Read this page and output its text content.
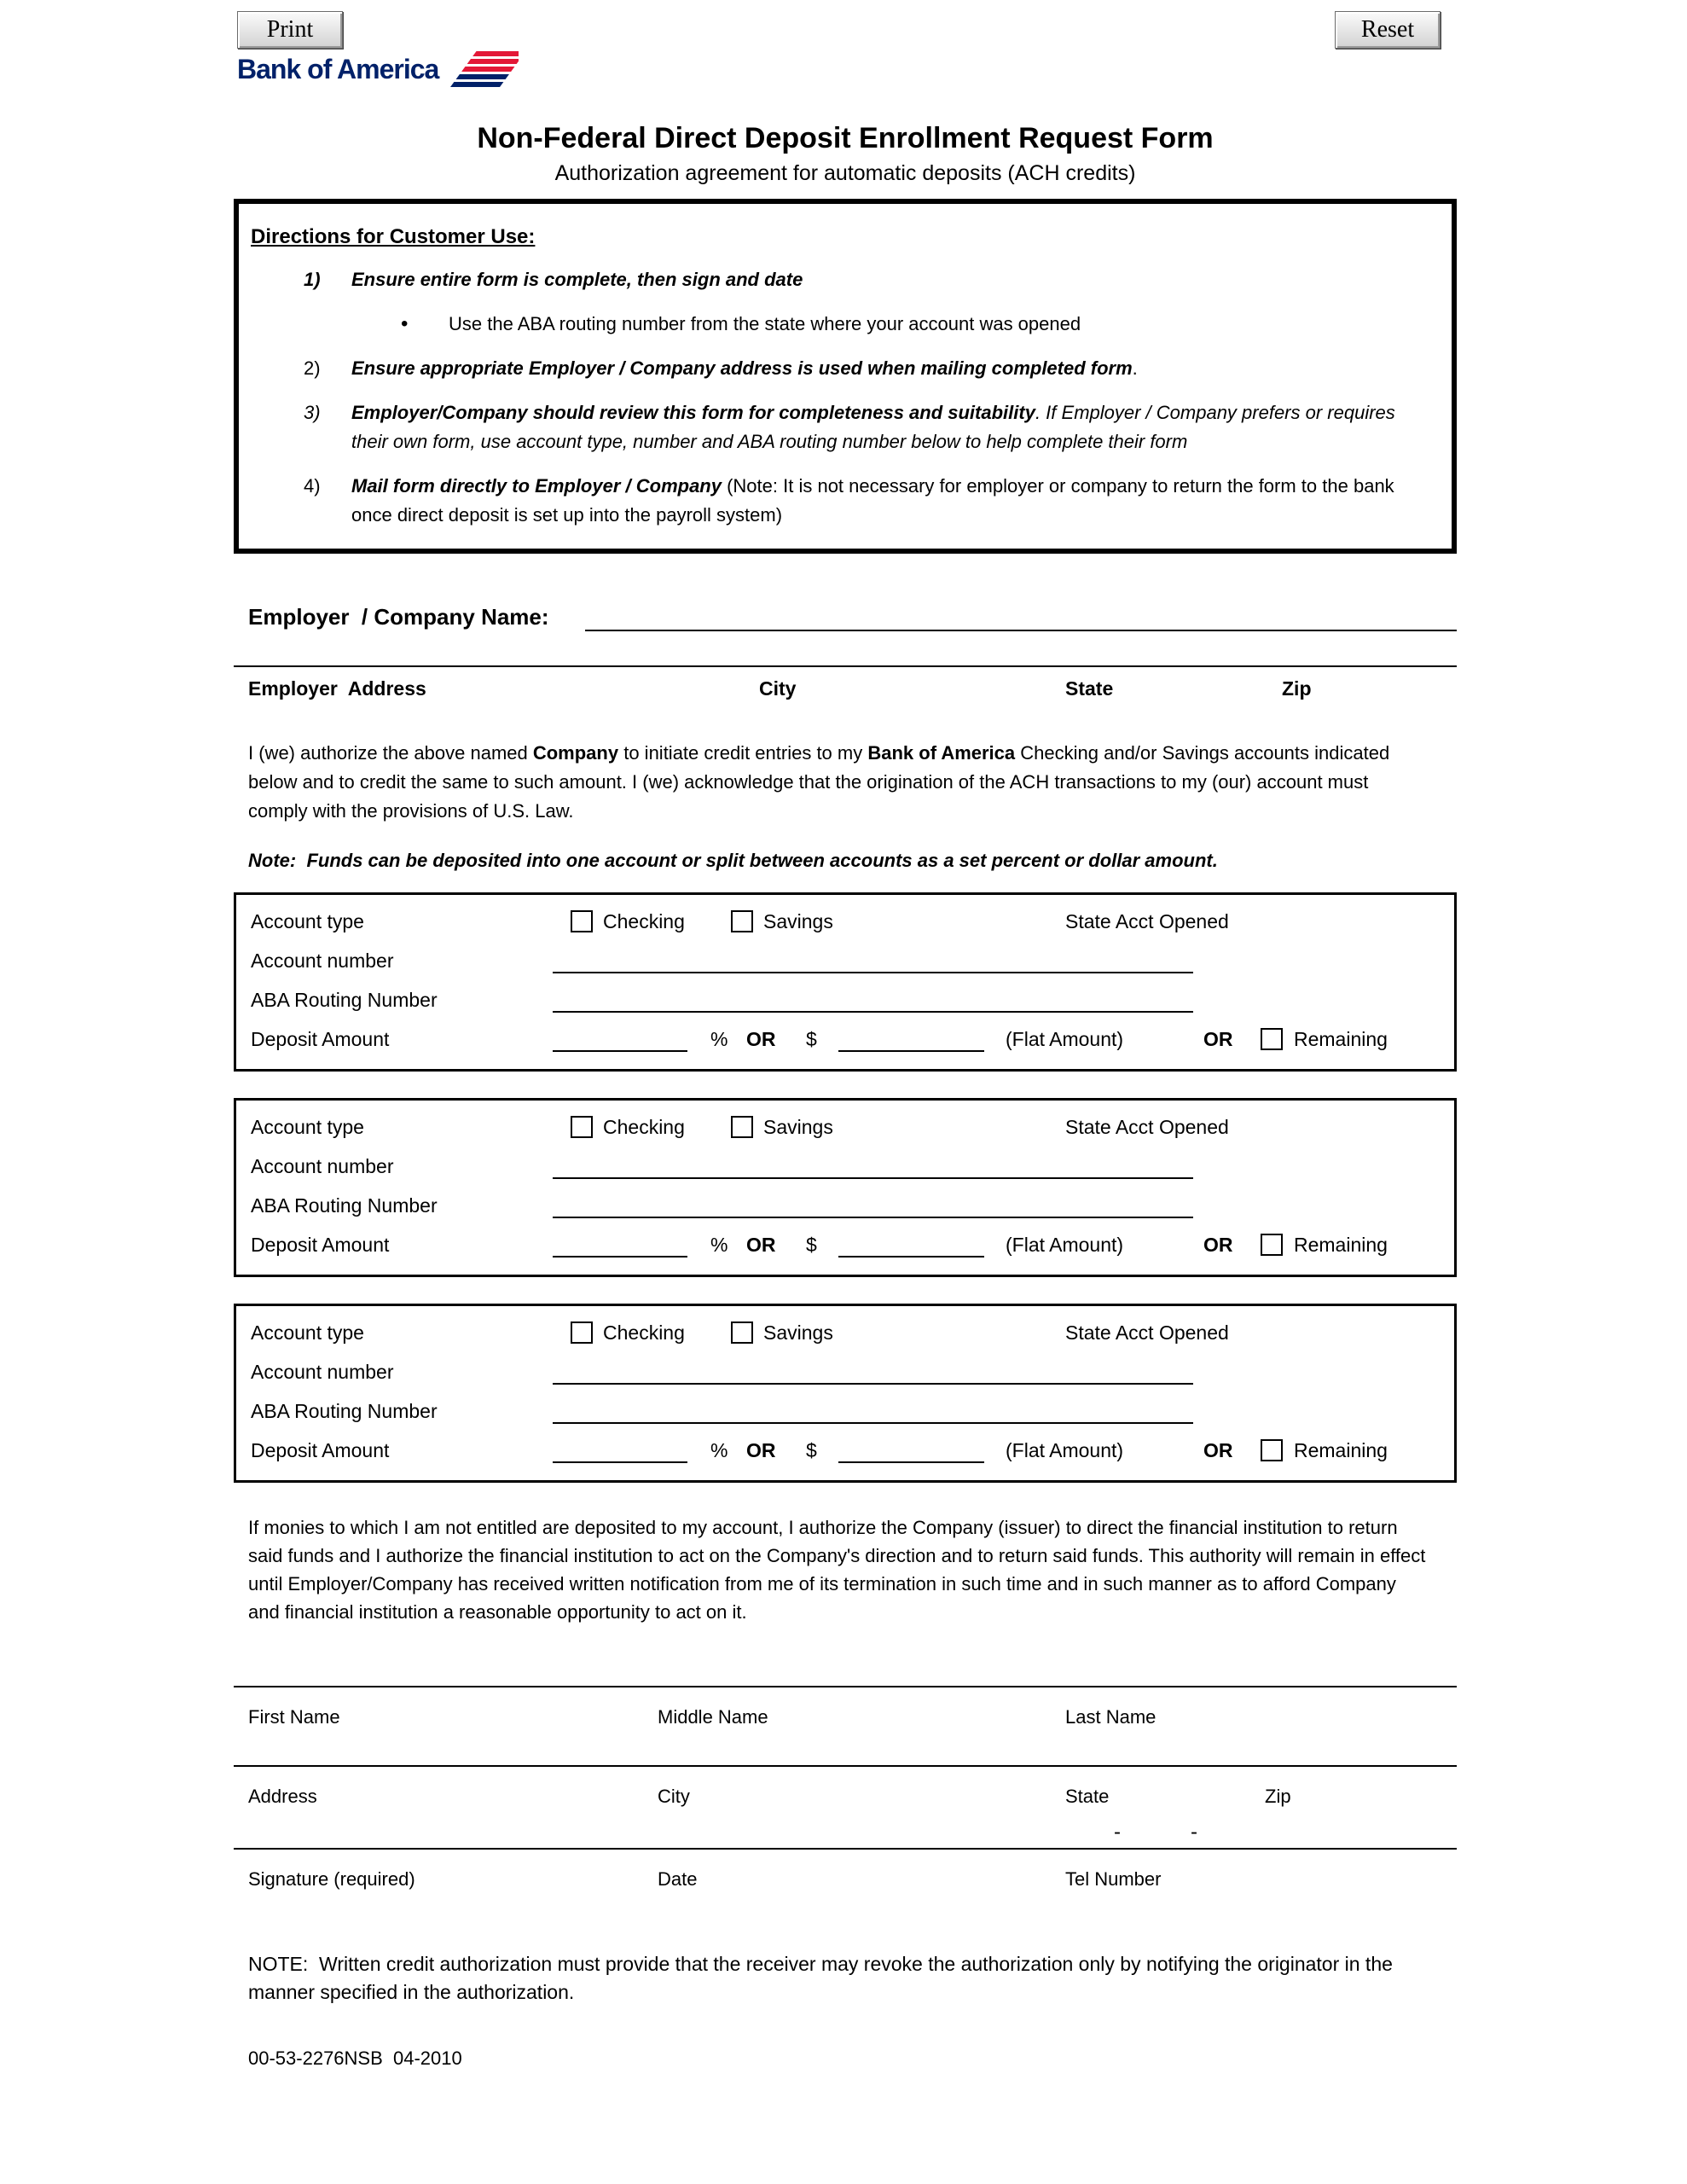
Print	Reset
Bank of America
Non-Federal Direct Deposit Enrollment Request Form
Authorization agreement for automatic deposits (ACH credits)
Directions for Customer Use:
1)	Ensure entire form is complete, then sign and date
•
Use the ABA routing number from the state where your account was opened
2)	Ensure appropriate Employer / Company address is used when mailing completed form.
3)	Employer/Company should review this form for completeness and suitability. If Employer / Company prefers or requires  their own form, use account type, number and ABA routing number below to help complete their form
4)	Mail form directly to Employer / Company (Note: It is not necessary for employer or company to return the form to the bank once direct deposit is set up into the payroll system)
Employer  / Company Name:
Employer  Address	City	State	Zip

I (we) authorize the above named Company to initiate credit entries to my Bank of America Checking and/or Savings accounts indicated below and to credit the same to such amount. I (we) acknowledge that the origination of the ACH transactions to my (our) account must comply with the provisions of U.S. Law.

Note:  Funds can be deposited into one account or split between accounts as a set percent or dollar amount.
Account type	Checking	Savings	State Acct Opened
Account number
ABA Routing Number
Deposit Amount	% OR $	(Flat Amount)	OR	Remaining
Account type	Checking	Savings	State Acct Opened
Account number
ABA Routing Number
Deposit Amount	% OR $	(Flat Amount)	OR	Remaining
Account type	Checking	Savings	State Acct Opened
Account number
ABA Routing Number
Deposit Amount	% OR $	(Flat Amount)	OR	Remaining

If monies to which I am not entitled are deposited to my account, I authorize the Company (issuer) to direct the financial institution to return said funds and I authorize the financial institution to act on the Company's direction and to return said funds. This authority will remain in effect until Employer/Company has received written notification from me of its termination in such time and in such manner as to afford Company and financial institution a reasonable opportunity to act on it.

First Name	Middle Name	Last Name
Address	City	State	Zip
-	-
Signature (required)	Date	Tel Number

NOTE:  Written credit authorization must provide that the receiver may revoke the authorization only by notifying the originator in the manner specified in the authorization.

00-53-2276NSB  04-2010
